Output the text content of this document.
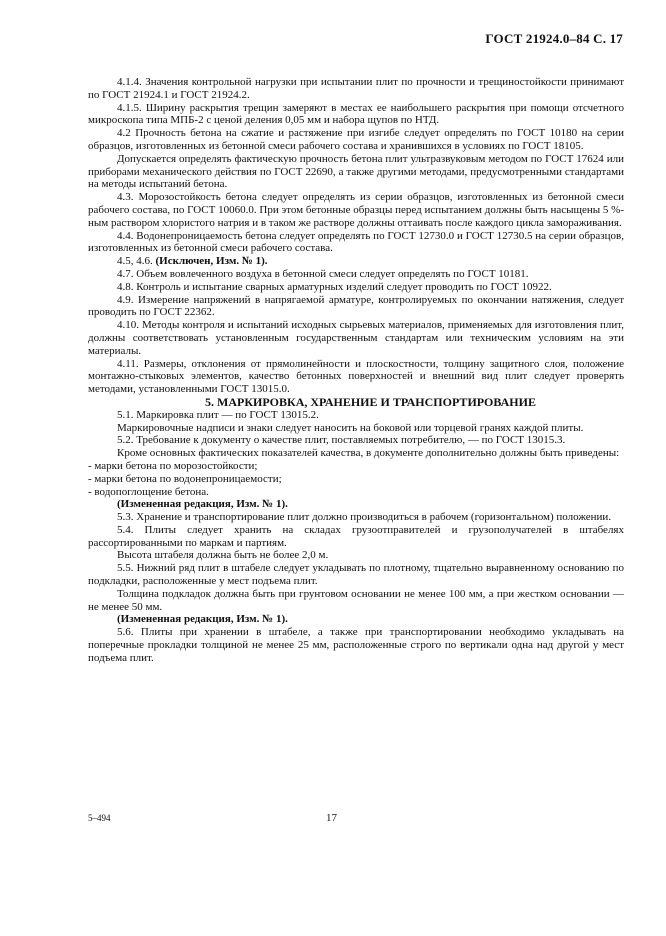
ГОСТ 21924.0–84 С. 17

4.1.4. Значения контрольной нагрузки при испытании плит по прочности и трещиностойкости принимают по ГОСТ 21924.1 и ГОСТ 21924.2.

4.1.5. Ширину раскрытия трещин замеряют в местах ее наибольшего раскрытия при помощи отсчетного микроскопа типа МПБ-2 с ценой деления 0,05 мм и набора щупов по НТД.

4.2 Прочность бетона на сжатие и растяжение при изгибе следует определять по ГОСТ 10180 на серии образцов, изготовленных из бетонной смеси рабочего состава и хранившихся в условиях по ГОСТ 18105.

Допускается определять фактическую прочность бетона плит ультразвуковым методом по ГОСТ 17624 или приборами механического действия по ГОСТ 22690, а также другими методами, предусмотренными стандартами на методы испытаний бетона.

4.3. Морозостойкость бетона следует определять из серии образцов, изготовленных из бетонной смеси рабочего состава, по ГОСТ 10060.0. При этом бетонные образцы перед испытанием должны быть насыщены 5 %-ным раствором хлористого натрия и в таком же растворе должны оттаивать после каждого цикла замораживания.

4.4. Водонепроницаемость бетона следует определять по ГОСТ 12730.0 и ГОСТ 12730.5 на серии образцов, изготовленных из бетонной смеси рабочего состава.

4.5, 4.6. (Исключен, Изм. № 1).

4.7. Объем вовлеченного воздуха в бетонной смеси следует определять по ГОСТ 10181.

4.8. Контроль и испытание сварных арматурных изделий следует проводить по ГОСТ 10922.

4.9. Измерение напряжений в напрягаемой арматуре, контролируемых по окончании натяжения, следует проводить по ГОСТ 22362.

4.10. Методы контроля и испытаний исходных сырьевых материалов, применяемых для изготовления плит, должны соответствовать установленным государственным стандартам или техническим условиям на эти материалы.

4.11. Размеры, отклонения от прямолинейности и плоскостности, толщину защитного слоя, положение монтажно-стыковых элементов, качество бетонных поверхностей и внешний вид плит следует проверять методами, установленными ГОСТ 13015.0.

5. МАРКИРОВКА, ХРАНЕНИЕ И ТРАНСПОРТИРОВАНИЕ

5.1. Маркировка плит — по ГОСТ 13015.2.

Маркировочные надписи и знаки следует наносить на боковой или торцевой гранях каждой плиты.

5.2. Требование к документу о качестве плит, поставляемых потребителю, — по ГОСТ 13015.3.

Кроме основных фактических показателей качества, в документе дополнительно должны быть приведены:

- марки бетона по морозостойкости;

- марки бетона по водонепроницаемости;

- водопоглощение бетона.

(Измененная редакция, Изм. № 1).

5.3. Хранение и транспортирование плит должно производиться в рабочем (горизонтальном) положении.

5.4. Плиты следует хранить на складах грузоотправителей и грузополучателей в штабелях рассортированными по маркам и партиям.

Высота штабеля должна быть не более 2,0 м.

5.5. Нижний ряд плит в штабеле следует укладывать по плотному, тщательно выравненному основанию по подкладки, расположенные у мест подъема плит.

Толщина подкладок должна быть при грунтовом основании не менее 100 мм, а при жестком основании — не менее 50 мм.

(Измененная редакция, Изм. № 1).

5.6. Плиты при хранении в штабеле, а также при транспортировании необходимо укладывать на поперечные прокладки толщиной не менее 25 мм, расположенные строго по вертикали одна над другой у мест подъема плит.

5–494	17
